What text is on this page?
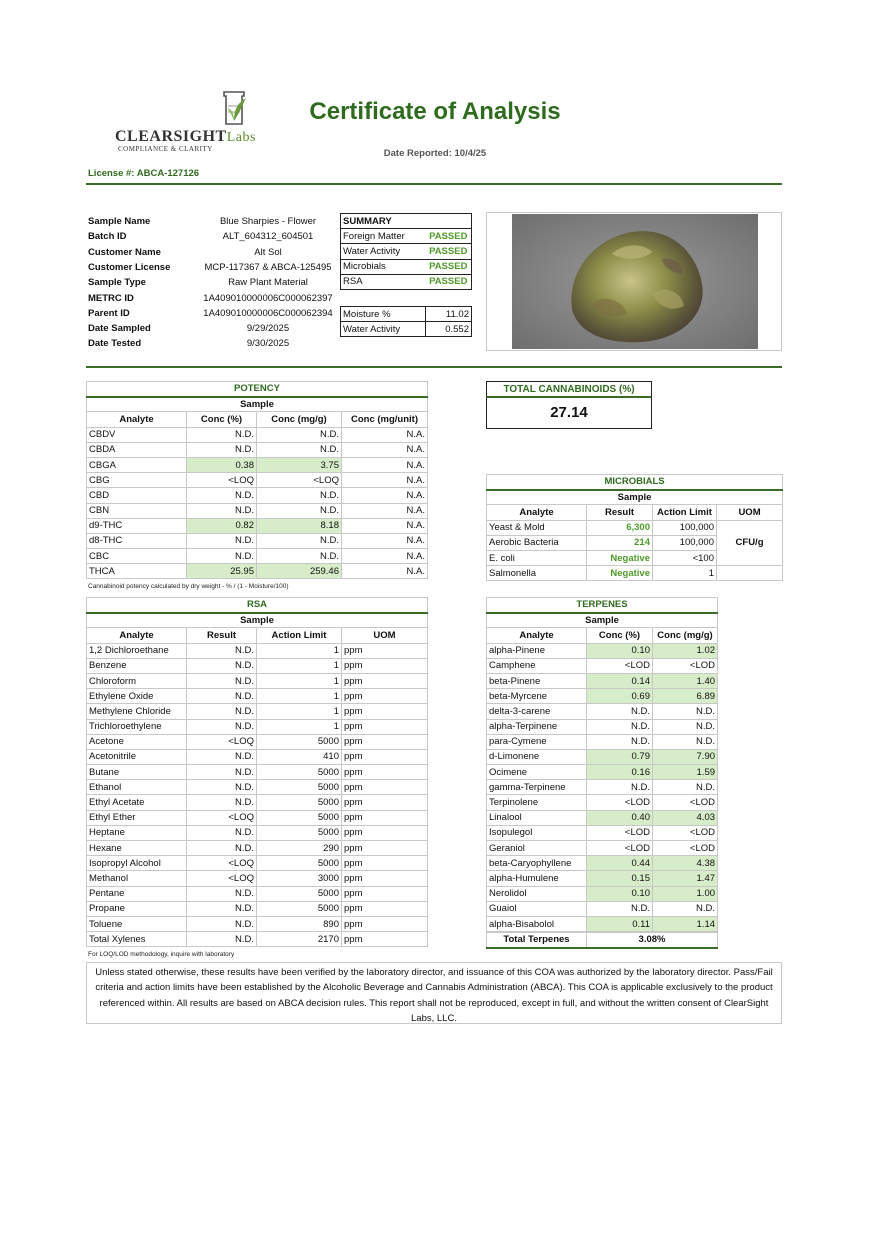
CLEARSIGHTLabs
COMPLIANCE & CLARITY
Certificate of Analysis
Date Reported: 10/4/25
License #: ABCA-127126
Sample Name	Blue Sharpies - Flower
Batch ID	ALT_604312_604501
Customer Name	Alt Sol
Customer License	MCP-117367 & ABCA-125495
Sample Type	Raw Plant Material
METRC ID	1A409010000006C000062397
Parent ID	1A409010000006C000062394
Date Sampled	9/29/2025
Date Tested	9/30/2025
SUMMARY	
Foreign Matter	PASSED
Water Activity	PASSED
Microbials	PASSED
RSA	PASSED
Moisture %	11.02
Water Activity	0.552
POTENCY			
Sample			
Analyte	Conc (%)	Conc (mg/g)	Conc (mg/unit)
CBDV	N.D.	N.D.	N.A.
CBDA	N.D.	N.D.	N.A.
CBGA	0.38	3.75	N.A.
CBG	<LOQ	<LOQ	N.A.
CBD	N.D.	N.D.	N.A.
CBN	N.D.	N.D.	N.A.
d9-THC	0.82	8.18	N.A.
d8-THC	N.D.	N.D.	N.A.
CBC	N.D.	N.D.	N.A.
THCA	25.95	259.46	N.A.
Cannabinoid potency calculated by dry weight - % / (1 - Moisture/100)
TOTAL CANNABINOIDS (%)
27.14
MICROBIALS			
Sample			
Analyte	Result	Action Limit	UOM
Yeast & Mold	6,300	100,000	CFU/g
Aerobic Bacteria	214	100,000	
E. coli	Negative	<100	
Salmonella	Negative	1	
RSA			
Sample			
Analyte	Result	Action Limit	UOM
1,2 Dichloroethane	N.D.	1	ppm
Benzene	N.D.	1	ppm
Chloroform	N.D.	1	ppm
Ethylene Oxide	N.D.	1	ppm
Methylene Chloride	N.D.	1	ppm
Trichloroethylene	N.D.	1	ppm
Acetone	<LOQ	5000	ppm
Acetonitrile	N.D.	410	ppm
Butane	N.D.	5000	ppm
Ethanol	N.D.	5000	ppm
Ethyl Acetate	N.D.	5000	ppm
Ethyl Ether	<LOQ	5000	ppm
Heptane	N.D.	5000	ppm
Hexane	N.D.	290	ppm
Isopropyl Alcohol	<LOQ	5000	ppm
Methanol	<LOQ	3000	ppm
Pentane	N.D.	5000	ppm
Propane	N.D.	5000	ppm
Toluene	N.D.	890	ppm
Total Xylenes	N.D.	2170	ppm
For LOQ/LOD methodology, inquire with laboratory
TERPENES		
Sample		
Analyte	Conc (%)	Conc (mg/g)
alpha-Pinene	0.10	1.02
Camphene	<LOD	<LOD
beta-Pinene	0.14	1.40
beta-Myrcene	0.69	6.89
delta-3-carene	N.D.	N.D.
alpha-Terpinene	N.D.	N.D.
para-Cymene	N.D.	N.D.
d-Limonene	0.79	7.90
Ocimene	0.16	1.59
gamma-Terpinene	N.D.	N.D.
Terpinolene	<LOD	<LOD
Linalool	0.40	4.03
Isopulegol	<LOD	<LOD
Geraniol	<LOD	<LOD
beta-Caryophyllene	0.44	4.38
alpha-Humulene	0.15	1.47
Nerolidol	0.10	1.00
Guaiol	N.D.	N.D.
alpha-Bisabolol	0.11	1.14
Total Terpenes	3.08%
Unless stated otherwise, these results have been verified by the laboratory director, and issuance of this COA was authorized by the laboratory director. Pass/Fail criteria and action limits have been established by the Alcoholic Beverage and Cannabis Administration (ABCA). This COA is applicable exclusively to the product referenced within. All results are based on ABCA decision rules. This report shall not be reproduced, except in full, and without the written consent of ClearSight Labs, LLC.
